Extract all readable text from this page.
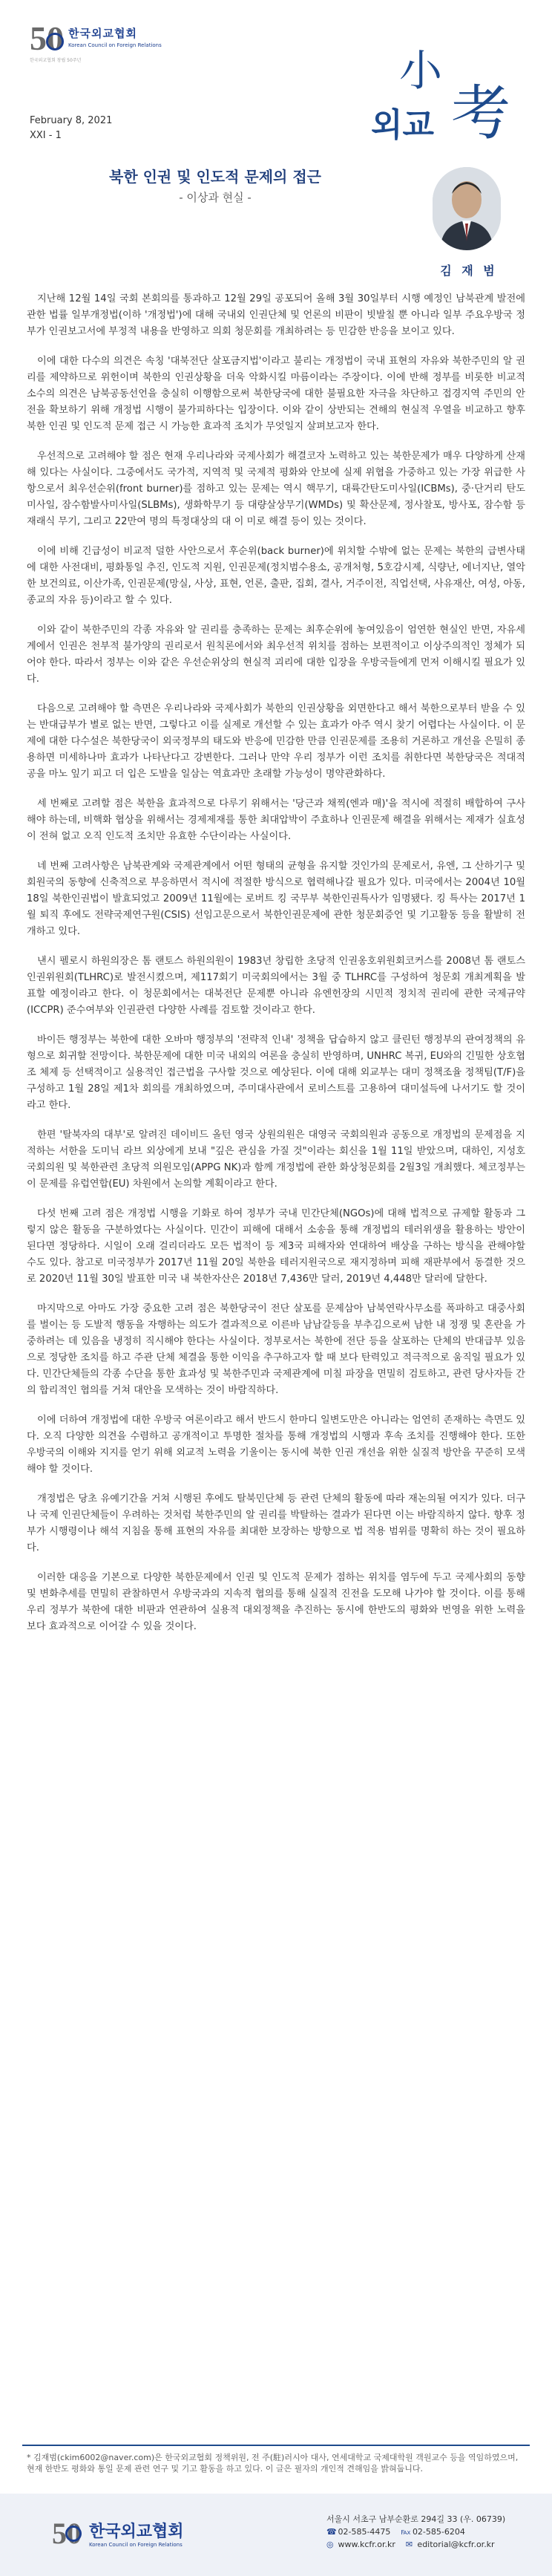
50 한국외교협회
Korean Council on Foreign Relations
한국외교협회 창립 50주년
February 8, 2021
XXI - 1
小
외교 考
북한 인권 및 인도적 문제의 접근
- 이상과 현실 -
김 재 범

지난해 12월 14일 국회 본회의를 통과하고 12월 29일 공포되어 올해 3월 30일부터 시행 예정인 남북관계 발전에 관한 법률 일부개정법(이하 '개정법')에 대해 국내외 인권단체 및 언론의 비판이 빗발칠 뿐 아니라 일부 주요우방국 정부가 인권보고서에 부정적 내용을 반영하고 의회 청문회를 개최하려는 등 민감한 반응을 보이고 있다.

이에 대한 다수의 의견은 속칭 '대북전단 살포금지법'이라고 불리는 개정법이 국내 표현의 자유와 북한주민의 알 권리를 제약하므로 위헌이며 북한의 인권상황을 더욱 악화시킬 마름이라는 주장이다. 이에 반해 정부를 비롯한 비교적 소수의 의견은 남북공동선언을 충실히 이행함으로써 북한당국에 대한 불필요한 자극을 차단하고 접경지역 주민의 안전을 확보하기 위해 개정법 시행이 불가피하다는 입장이다. 이와 같이 상반되는 견해의 현실적 우열을 비교하고 향후 북한 인권 및 인도적 문제 접근 시 가능한 효과적 조치가 무엇일지 살펴보고자 한다.

우선적으로 고려해야 할 점은 현재 우리나라와 국제사회가 해결코자 노력하고 있는 북한문제가 매우 다양하게 산재해 있다는 사실이다. 그중에서도 국가적, 지역적 및 국제적 평화와 안보에 실제 위협을 가중하고 있는 가장 위급한 사항으로서 최우선순위(front burner)를 점하고 있는 문제는 역시 핵무기, 대륙간탄도미사일(ICBMs), 중·단거리 탄도미사일, 잠수함발사미사일(SLBMs), 생화학무기 등 대량살상무기(WMDs) 및 확산문제, 정사찰포, 방사포, 잠수함 등 재래식 무기, 그리고 22만여 명의 특정대상의 대 이 미로 해결 등이 있는 것이다.

이에 비해 긴급성이 비교적 덜한 사안으로서 후순위(back burner)에 위치할 수밖에 없는 문제는 북한의 급변사태에 대한 사전대비, 평화통일 추진, 인도적 지원, 인권문제(정치범수용소, 공개처형, 5호감시제, 식량난, 에너지난, 열악한 보건의료, 이산가족, 인권문제(망실, 사상, 표현, 언론, 출판, 집회, 결사, 거주이전, 직업선택, 사유재산, 여성, 아동, 종교의 자유 등)이라고 할 수 있다.

이와 같이 북한주민의 각종 자유와 알 권리를 충족하는 문제는 최후순위에 놓여있음이 엄연한 현실인 반면, 자유세계에서 인권은 천부적 불가양의 권리로서 원칙론에서와 최우선적 위치를 점하는 보편적이고 이상주의적인 정체가 되어야 한다. 따라서 정부는 이와 같은 우선순위상의 현실적 괴리에 대한 입장을 우방국들에게 먼저 이해시킬 필요가 있다.

다음으로 고려해야 할 측면은 우리나라와 국제사회가 북한의 인권상황을 외면한다고 해서 북한으로부터 받을 수 있는 반대급부가 별로 없는 반면, 그렇다고 이를 실제로 개선할 수 있는 효과가 아주 역시 찾기 어렵다는 사실이다. 이 문제에 대한 다수설은 북한당국이 외국정부의 태도와 반응에 민감한 만큼 인권문제를 조용히 거론하고 개선을 은밀히 종용하면 미세하나마 효과가 나타난다고 강변한다. 그러나 만약 우리 정부가 이런 조치를 취한다면 북한당국은 적대적 공을 마노 잎기 피고 더 입은 도발을 일삼는 역효과만 초래할 가능성이 명약관화하다.

세 번째로 고려할 점은 북한을 효과적으로 다루기 위해서는 '당근과 채찍(엔과 매)'을 적시에 적절히 배합하여 구사해야 하는데, 비핵화 협상을 위해서는 경제제재를 통한 최대압박이 주효하나 인권문제 해결을 위해서는 제재가 실효성이 전혀 없고 오직 인도적 조치만 유효한 수단이라는 사실이다.

네 번째 고려사항은 남북관계와 국제관계에서 어떤 형태의 균형을 유지할 것인가의 문제로서, 유엔, 그 산하기구 및 회원국의 동향에 신축적으로 부응하면서 적시에 적절한 방식으로 협력해나갈 필요가 있다. 미국에서는 2004년 10월 18일 북한인권법이 발효되었고 2009년 11월에는 로버트 킹 국무부 북한인권특사가 임명됐다. 킹 특사는 2017년 1월 퇴직 후에도 전략국제연구원(CSIS) 선임고문으로서 북한인권문제에 관한 청문회증언 및 기고활동 등을 활발히 전개하고 있다.

낸시 펠로시 하원의장은 톰 랜토스 하원의원이 1983년 창립한 초당적 인권옹호위원회코커스를 2008년 톰 랜토스 인권위원회(TLHRC)로 발전시켰으며, 제117회기 미국회의에서는 3월 중 TLHRC를 구성하여 청문회 개최계획을 발표할 예정이라고 한다. 이 청문회에서는 대북전단 문제뿐 아니라 유엔헌장의 시민적 정치적 권리에 관한 국제규약(ICCPR) 준수여부와 인권관련 다양한 사례를 검토할 것이라고 한다.

바이든 행정부는 북한에 대한 오바마 행정부의 '전략적 인내' 정책을 답습하지 않고 클린턴 행정부의 관여정책의 유형으로 회귀할 전망이다. 북한문제에 대한 미국 내외의 여론을 충실히 반영하며, UNHRC 복귀, EU와의 긴밀한 상호협조 체제 등 선택적이고 실용적인 접근법을 구사할 것으로 예상된다. 이에 대해 외교부는 대미 정책조율 정책팀(T/F)을 구성하고 1월 28일 제1차 회의를 개최하였으며, 주미대사관에서 로비스트를 고용하여 대미설득에 나서기도 할 것이라고 한다.

한편 '탈북자의 대부'로 알려진 데이비드 올턴 영국 상원의원은 대영국 국회의원과 공동으로 개정법의 문제점을 지적하는 서한을 도미닉 라브 외상에게 보내 "깊은 관심을 가질 것"이라는 회신을 1월 11일 받았으며, 대하인, 지성호 국회의원 및 북한관련 초당적 의원모임(APPG NK)과 함께 개정법에 관한 화상청문회를 2월3일 개최했다. 체코정부는 이 문제를 유럽연합(EU) 차원에서 논의할 계획이라고 한다.

다섯 번째 고려 점은 개정법 시행을 기화로 하여 정부가 국내 민간단체(NGOs)에 대해 법적으로 규제할 활동과 그렇지 않은 활동을 구분하였다는 사실이다. 민간이 피해에 대해서 소송을 통해 개정법의 테러위생을 활용하는 방안이 된다면 정당하다. 시일이 오래 걸리더라도 모든 법적이 등 제3국 피해자와 연대하여 배상을 구하는 방식을 관해야할 수도 있다. 참고로 미국정부가 2017년 11월 20일 북한을 테러지원국으로 재지정하며 피해 재판부에서 동결한 것으로 2020년 11월 30일 발표한 미국 내 북한자산은 2018년 7,436만 달러, 2019년 4,448만 달러에 달한다.

마지막으로 아마도 가장 중요한 고려 점은 북한당국이 전단 살포를 문제삼아 남북연락사무소를 폭파하고 대중사회를 벌이는 등 도발적 행동을 자행하는 의도가 결과적으로 이른바 남남갈등을 부추김으로써 남한 내 정쟁 및 혼란을 가중하려는 데 있음을 냉정히 직시해야 한다는 사실이다. 정부로서는 북한에 전단 등을 살포하는 단체의 반대급부 있음으로 정당한 조치를 하고 주관 단체 체결을 통한 이익을 추구하고자 할 때 보다 탄력있고 적극적으로 움직일 필요가 있다. 민간단체들의 각종 수단을 통한 효과성 및 북한주민과 국제관계에 미칠 파장을 면밀히 검토하고, 관련 당사자들 간의 합리적인 협의를 거쳐 대안을 모색하는 것이 바람직하다.

이에 더하여 개정법에 대한 우방국 여론이라고 해서 반드시 한마디 일변도만은 아니라는 엄연히 존재하는 측면도 있다. 오직 다양한 의견을 수렴하고 공개적이고 투명한 절차를 통해 개정법의 시행과 후속 조치를 진행해야 한다. 또한 우방국의 이해와 지지를 얻기 위해 외교적 노력을 기울이는 동시에 북한 인권 개선을 위한 실질적 방안을 꾸준히 모색해야 할 것이다.

개정법은 당초 유예기간을 거쳐 시행된 후에도 탈북민단체 등 관련 단체의 활동에 따라 재논의될 여지가 있다. 더구나 국제 인권단체들이 우려하는 것처럼 북한주민의 알 권리를 박탈하는 결과가 된다면 이는 바람직하지 않다. 향후 정부가 시행령이나 해석 지침을 통해 표현의 자유를 최대한 보장하는 방향으로 법 적용 범위를 명확히 하는 것이 필요하다.

이러한 대응을 기본으로 다양한 북한문제에서 인권 및 인도적 문제가 점하는 위치를 염두에 두고 국제사회의 동향 및 변화추세를 면밀히 관찰하면서 우방국과의 지속적 협의를 통해 실질적 진전을 도모해 나가야 할 것이다. 이를 통해 우리 정부가 북한에 대한 비판과 연관하여 실용적 대외정책을 추진하는 동시에 한반도의 평화와 번영을 위한 노력을 보다 효과적으로 이어갈 수 있을 것이다.

* 김재범(ckim6002@naver.com)은 한국외교협회 정책위원, 전 주(駐)러시아 대사, 연세대학교 국제대학원 객원교수 등을 역임하였으며, 현재 한반도 평화와 통일 문제 관련 연구 및 기고 활동을 하고 있다. 이 글은 필자의 개인적 견해임을 밝혀둡니다.
50 한국외교협회
Korean Council on Foreign Relations
서울시 서초구 남부순환로 294길 33 (우. 06739)
☎ 02-585-4475 ℻ 02-585-6204
◎ www.kcfr.or.kr ✉ editorial@kcfr.or.kr
